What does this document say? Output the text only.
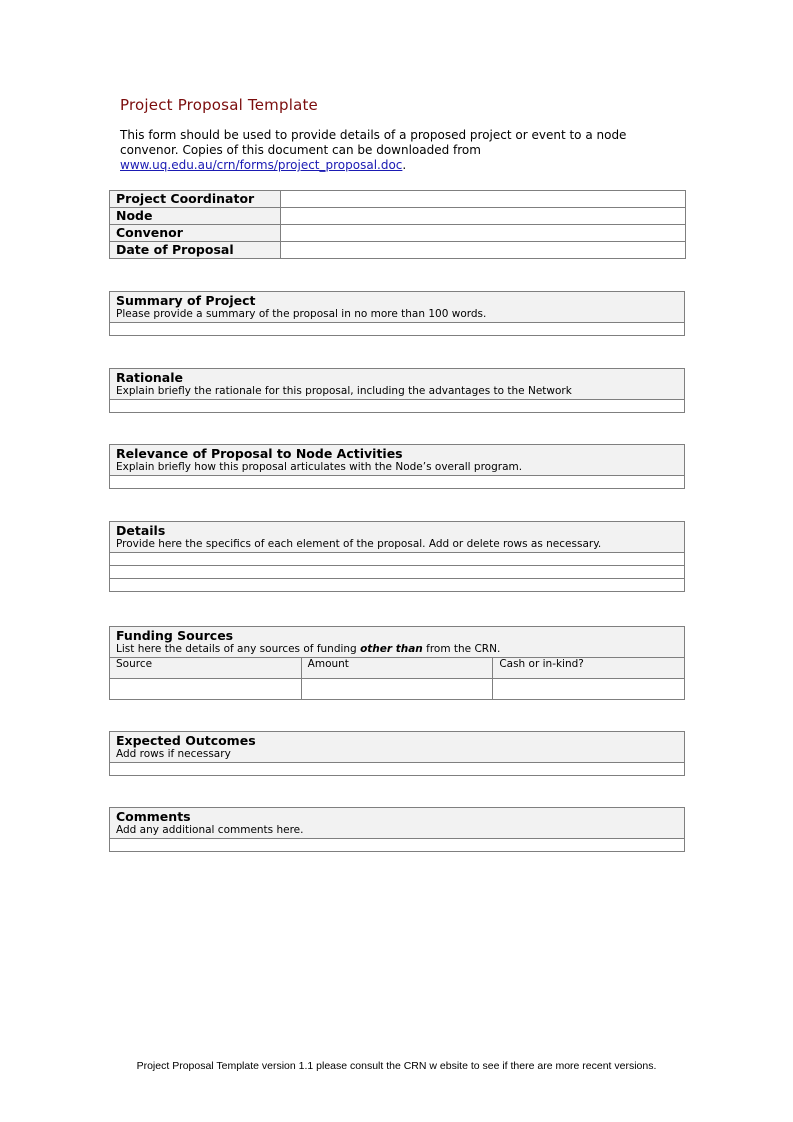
Project Proposal Template
This form should be used to provide details of a proposed project or event to a node convenor. Copies of this document can be downloaded from www.uq.edu.au/crn/forms/project_proposal.doc.
Project Coordinator	
Node	
Convenor	
Date of Proposal	
Summary of Project
Please provide a summary of the proposal in no more than 100 words.

Rationale
Explain briefly the rationale for this proposal, including the advantages to the Network

Relevance of Proposal to Node Activities
Explain briefly how this proposal articulates with the Node’s overall program.

Details
Provide here the specifics of each element of the proposal. Add or delete rows as necessary.

Funding Sources
List here the details of any sources of funding other than from the CRN.		

Source	Amount	Cash or in-kind?

Expected Outcomes
Add rows if necessary

Comments
Add any additional comments here.

Project Proposal Template version 1.1 please consult the CRN w ebsite to see if there are more recent versions.
